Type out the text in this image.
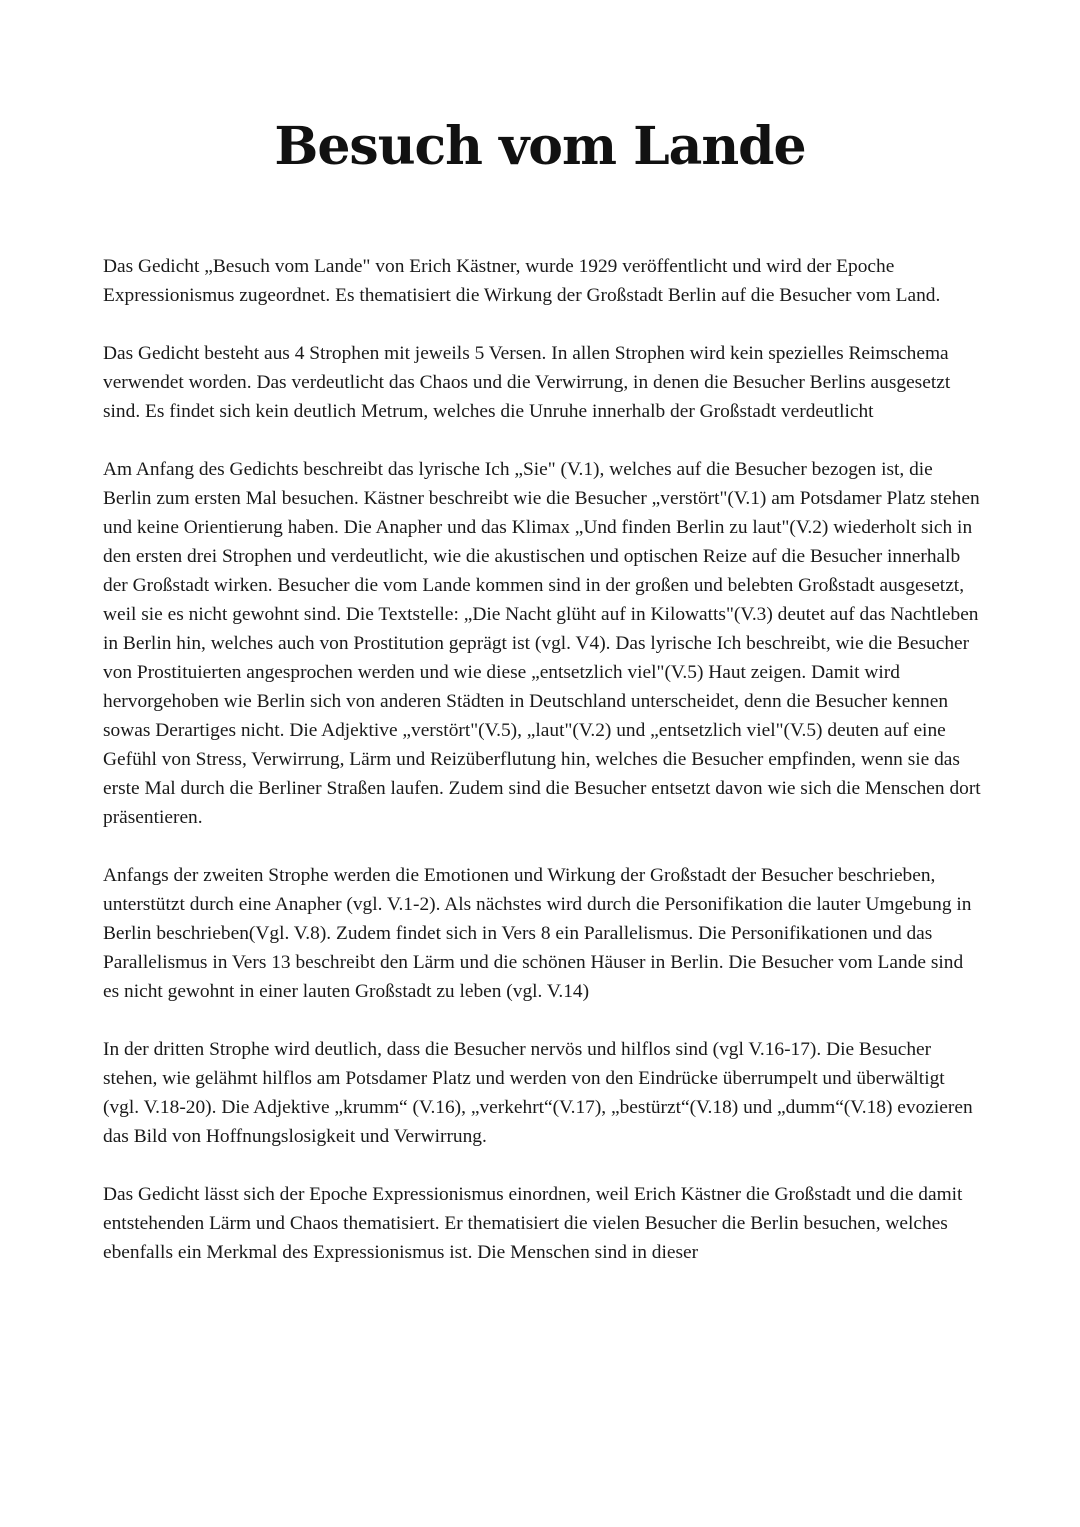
Besuch vom Lande

Das Gedicht „Besuch vom Lande" von Erich Kästner, wurde 1929 veröffentlicht und wird der Epoche Expressionismus zugeordnet. Es thematisiert die Wirkung der Großstadt Berlin auf die Besucher vom Land.

Das Gedicht besteht aus 4 Strophen mit jeweils 5 Versen. In allen Strophen wird kein spezielles Reimschema verwendet worden. Das verdeutlicht das Chaos und die Verwirrung, in denen die Besucher Berlins ausgesetzt sind. Es findet sich kein deutlich Metrum, welches die Unruhe innerhalb der Großstadt verdeutlicht

Am Anfang des Gedichts beschreibt das lyrische Ich „Sie" (V.1), welches auf die Besucher bezogen ist, die Berlin zum ersten Mal besuchen. Kästner beschreibt wie die Besucher „verstört"(V.1) am Potsdamer Platz stehen und keine Orientierung haben. Die Anapher und das Klimax „Und finden Berlin zu laut"(V.2) wiederholt sich in den ersten drei Strophen und verdeutlicht, wie die akustischen und optischen Reize auf die Besucher innerhalb der Großstadt wirken. Besucher die vom Lande kommen sind in der großen und belebten Großstadt ausgesetzt, weil sie es nicht gewohnt sind. Die Textstelle: „Die Nacht glüht auf in Kilowatts"(V.3) deutet auf das Nachtleben in Berlin hin, welches auch von Prostitution geprägt ist (vgl. V4). Das lyrische Ich beschreibt, wie die Besucher von Prostituierten angesprochen werden und wie diese „entsetzlich viel"(V.5) Haut zeigen. Damit wird hervorgehoben wie Berlin sich von anderen Städten in Deutschland unterscheidet, denn die Besucher kennen sowas Derartiges nicht. Die Adjektive „verstört"(V.5), „laut"(V.2) und „entsetzlich viel"(V.5) deuten auf eine Gefühl von Stress, Verwirrung, Lärm und Reizüberflutung hin, welches die Besucher empfinden, wenn sie das erste Mal durch die Berliner Straßen laufen. Zudem sind die Besucher entsetzt davon wie sich die Menschen dort präsentieren.

Anfangs der zweiten Strophe werden die Emotionen und Wirkung der Großstadt der Besucher beschrieben, unterstützt durch eine Anapher (vgl. V.1-2). Als nächstes wird durch die Personifikation die lauter Umgebung in Berlin beschrieben(Vgl. V.8). Zudem findet sich in Vers 8 ein Parallelismus. Die Personifikationen und das Parallelismus in Vers 13 beschreibt den Lärm und die schönen Häuser in Berlin. Die Besucher vom Lande sind es nicht gewohnt in einer lauten Großstadt zu leben (vgl. V.14)

In der dritten Strophe wird deutlich, dass die Besucher nervös und hilflos sind (vgl V.16-17). Die Besucher stehen, wie gelähmt hilflos am Potsdamer Platz und werden von den Eindrücke überrumpelt und überwältigt (vgl. V.18-20). Die Adjektive „krumm“ (V.16), „verkehrt“(V.17), „bestürzt“(V.18) und „dumm“(V.18) evozieren das Bild von Hoffnungslosigkeit und Verwirrung.

Das Gedicht lässt sich der Epoche Expressionismus einordnen, weil Erich Kästner die Großstadt und die damit entstehenden Lärm und Chaos thematisiert. Er thematisiert die vielen Besucher die Berlin besuchen, welches ebenfalls ein Merkmal des Expressionismus ist. Die Menschen sind in dieser
